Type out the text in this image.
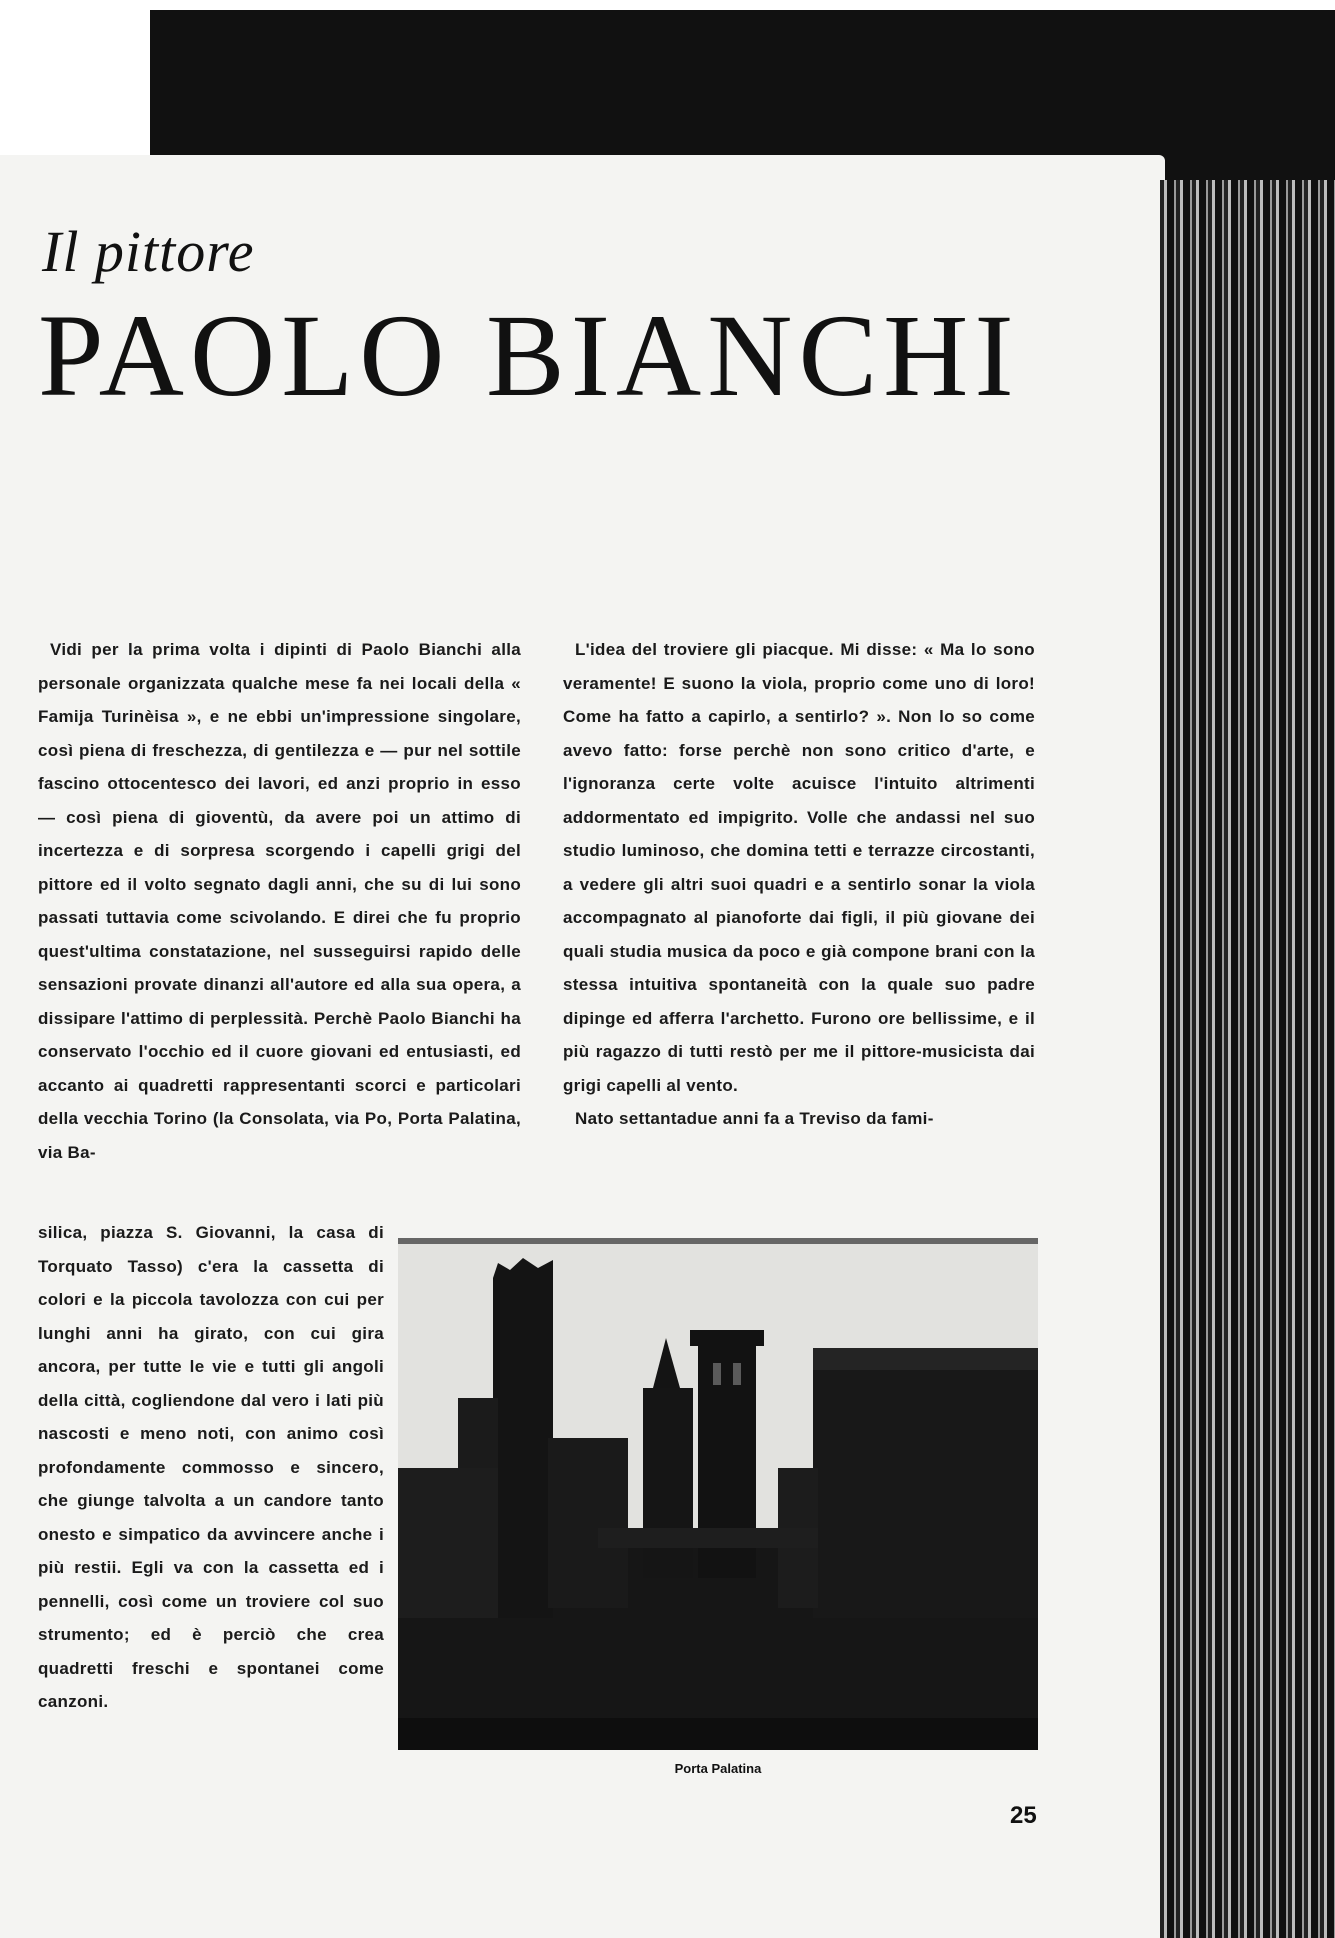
Il pittore
PAOLO BIANCHI

Vidi per la prima volta i dipinti di Paolo Bianchi alla personale organizzata qualche mese fa nei locali della « Famija Turinèisa », e ne ebbi un'impressione singolare, così piena di freschezza, di gentilezza e — pur nel sottile fascino ottocentesco dei lavori, ed anzi proprio in esso — così piena di gioventù, da avere poi un attimo di incertezza e di sorpresa scorgendo i capelli grigi del pittore ed il volto segnato dagli anni, che su di lui sono passati tuttavia come scivolando. E direi che fu proprio quest'ultima constatazione, nel susseguirsi rapido delle sensazioni provate dinanzi all'autore ed alla sua opera, a dissipare l'attimo di perplessità. Perchè Paolo Bianchi ha conservato l'occhio ed il cuore giovani ed entusiasti, ed accanto ai quadretti rappresentanti scorci e particolari della vecchia Torino (la Consolata, via Po, Porta Palatina, via Ba-

silica, piazza S. Giovanni, la casa di Torquato Tasso) c'era la cassetta di colori e la piccola tavolozza con cui per lunghi anni ha girato, con cui gira ancora, per tutte le vie e tutti gli angoli della città, cogliendone dal vero i lati più nascosti e meno noti, con animo così profondamente commosso e sincero, che giunge talvolta a un candore tanto onesto e simpatico da avvincere anche i più restii. Egli va con la cassetta ed i pennelli, così come un troviere col suo strumento; ed è perciò che crea quadretti freschi e spontanei come canzoni.

L'idea del troviere gli piacque. Mi disse: « Ma lo sono veramente! E suono la viola, proprio come uno di loro! Come ha fatto a capirlo, a sentirlo? ». Non lo so come avevo fatto: forse perchè non sono critico d'arte, e l'ignoranza certe volte acuisce l'intuito altrimenti addormentato ed impigrito. Volle che andassi nel suo studio luminoso, che domina tetti e terrazze circostanti, a vedere gli altri suoi quadri e a sentirlo sonar la viola accompagnato al pianoforte dai figli, il più giovane dei quali studia musica da poco e già compone brani con la stessa intuitiva spontaneità con la quale suo padre dipinge ed afferra l'archetto. Furono ore bellissime, e il più ragazzo di tutti restò per me il pittore-musicista dai grigi capelli al vento.

Nato settantadue anni fa a Treviso da fami-

Porta Palatina
25
